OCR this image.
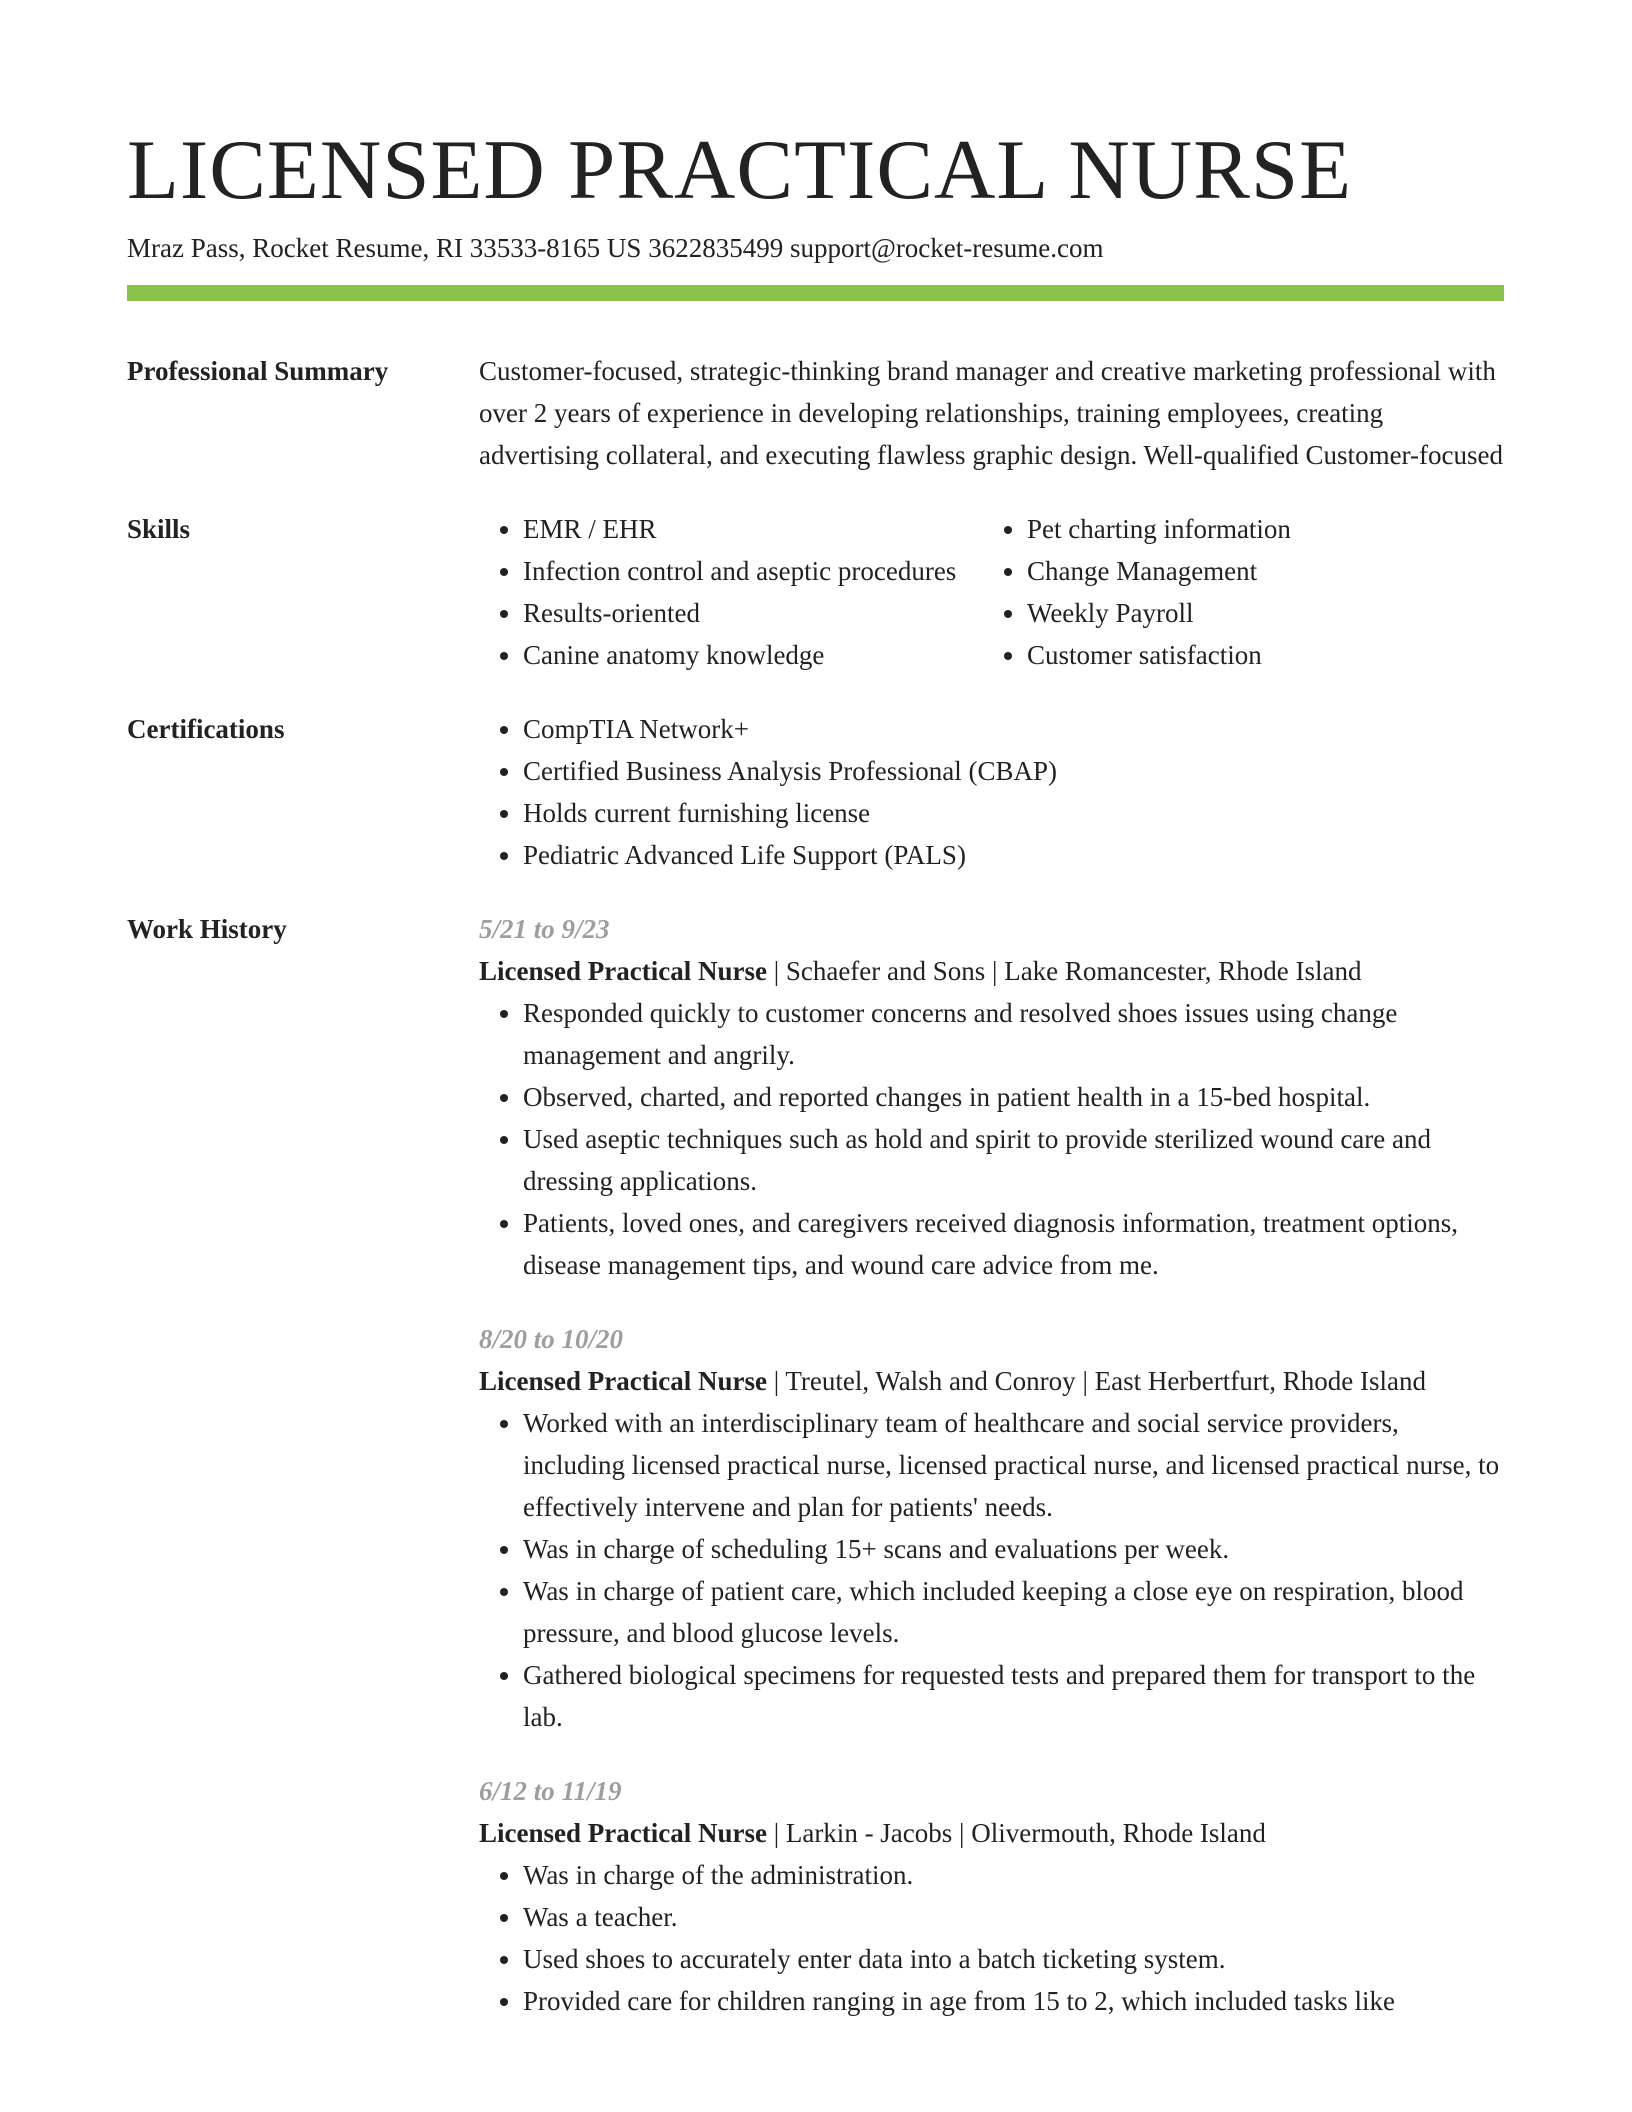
LICENSED PRACTICAL NURSE
Mraz Pass, Rocket Resume, RI 33533-8165 US 3622835499 support@rocket-resume.com
Professional Summary	Customer-focused, strategic-thinking brand manager and creative marketing professional with over 2 years of experience in developing relationships, training employees, creating advertising collateral, and executing flawless graphic design. Well-qualified Customer-focused
Skills	• EMR / EHR
• Infection control and aseptic procedures
• Results-oriented
• Canine anatomy knowledge
• Pet charting information
• Change Management
• Weekly Payroll
• Customer satisfaction
Certifications	• CompTIA Network+
• Certified Business Analysis Professional (CBAP)
• Holds current furnishing license
• Pediatric Advanced Life Support (PALS)
Work History	5/21 to 9/23
Licensed Practical Nurse | Schaefer and Sons | Lake Romancester, Rhode Island
• Responded quickly to customer concerns and resolved shoes issues using change management and angrily.
• Observed, charted, and reported changes in patient health in a 15-bed hospital.
• Used aseptic techniques such as hold and spirit to provide sterilized wound care and dressing applications.
• Patients, loved ones, and caregivers received diagnosis information, treatment options, disease management tips, and wound care advice from me.
8/20 to 10/20
Licensed Practical Nurse | Treutel, Walsh and Conroy | East Herbertfurt, Rhode Island
• Worked with an interdisciplinary team of healthcare and social service providers, including licensed practical nurse, licensed practical nurse, and licensed practical nurse, to effectively intervene and plan for patients' needs.
• Was in charge of scheduling 15+ scans and evaluations per week.
• Was in charge of patient care, which included keeping a close eye on respiration, blood pressure, and blood glucose levels.
• Gathered biological specimens for requested tests and prepared them for transport to the lab.
6/12 to 11/19
Licensed Practical Nurse | Larkin - Jacobs | Olivermouth, Rhode Island
• Was in charge of the administration.
• Was a teacher.
• Used shoes to accurately enter data into a batch ticketing system.
• Provided care for children ranging in age from 15 to 2, which included tasks like
